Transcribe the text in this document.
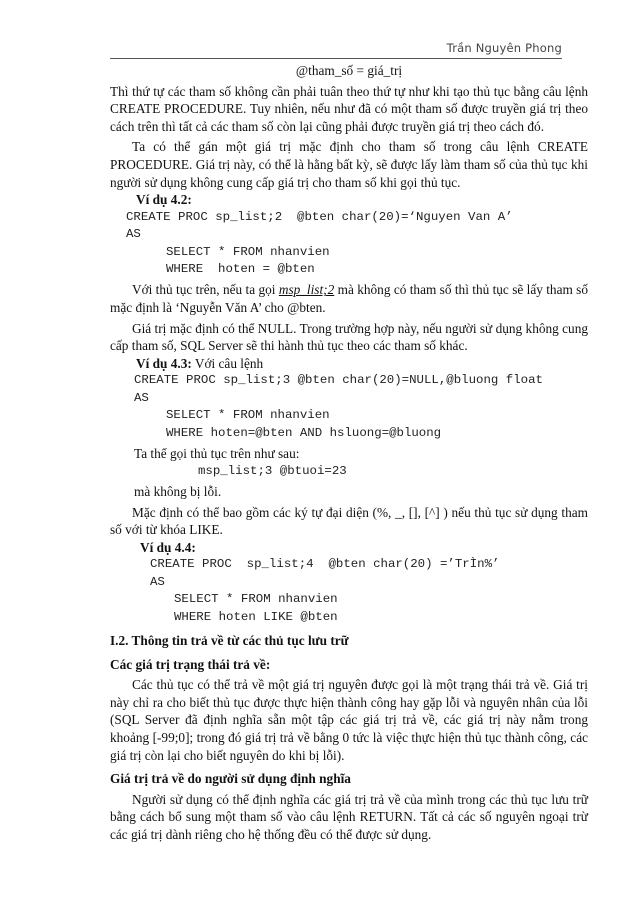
Trần Nguyên Phong

@tham_số = giá_trị

Thì thứ tự các tham số không cần phải tuân theo thứ tự như khi tạo thủ tục bằng câu lệnh CREATE PROCEDURE. Tuy nhiên, nếu như đã có một tham số được truyền giá trị theo cách trên thì tất cả các tham số còn lại cũng phải được truyền giá trị theo cách đó.

Ta có thể gán một giá trị mặc định cho tham số trong câu lệnh CREATE PROCEDURE. Giá trị này, có thể là hằng bất kỳ, sẽ được lấy làm tham số của thủ tục khi người sử dụng không cung cấp giá trị cho tham số khi gọi thủ tục.

Ví dụ 4.2:
CREATE PROC sp_list;2  @bten char(20)=‘Nguyen Van A’
AS
SELECT * FROM nhanvien
WHERE  hoten = @bten

Với thủ tục trên, nếu ta gọi msp_list;2 mà không có tham số thì thủ tục sẽ lấy tham số mặc định là ‘Nguyễn Văn A’ cho @bten.

Giá trị mặc định có thể NULL. Trong trường hợp này, nếu người sử dụng không cung cấp tham số, SQL Server sẽ thi hành thủ tục theo các tham số khác.

Ví dụ 4.3: Với câu lệnh
CREATE PROC sp_list;3 @bten char(20)=NULL,@bluong float
AS
SELECT * FROM nhanvien
WHERE hoten=@bten AND hsluong=@bluong
Ta thể gọi thủ tục trên như sau:
msp_list;3 @btuoi=23
mà không bị lỗi.

Mặc định có thể bao gồm các ký tự đại diện (%, _, [], [^] ) nếu thủ tục sử dụng tham số với từ khóa LIKE.

Ví dụ 4.4:
CREATE PROC  sp_list;4  @bten char(20) =’TrÌn%’
AS
SELECT * FROM nhanvien
WHERE hoten LIKE @bten
I.2. Thông tin trả về từ các thủ tục lưu trữ
Các giá trị trạng thái trả về:

Các thủ tục có thể trả về một giá trị nguyên được gọi là một trạng thái trả về. Giá trị này chỉ ra cho biết thủ tục được thực hiện thành công hay gặp lỗi và nguyên nhân của lỗi (SQL Server đã định nghĩa sẵn một tập các giá trị trả về, các giá trị này nằm trong khoảng [-99;0]; trong đó giá trị trả về bằng 0 tức là việc thực hiện thủ tục thành công, các giá trị còn lại cho biết nguyên do khi bị lỗi).

Giá trị trả về do người sử dụng định nghĩa

Người sử dụng có thể định nghĩa các giá trị trả về của mình trong các thủ tục lưu trữ bằng cách bổ sung một tham số vào câu lệnh RETURN. Tất cả các số nguyên ngoại trừ các giá trị dành riêng cho hệ thống đều có thể được sử dụng.
